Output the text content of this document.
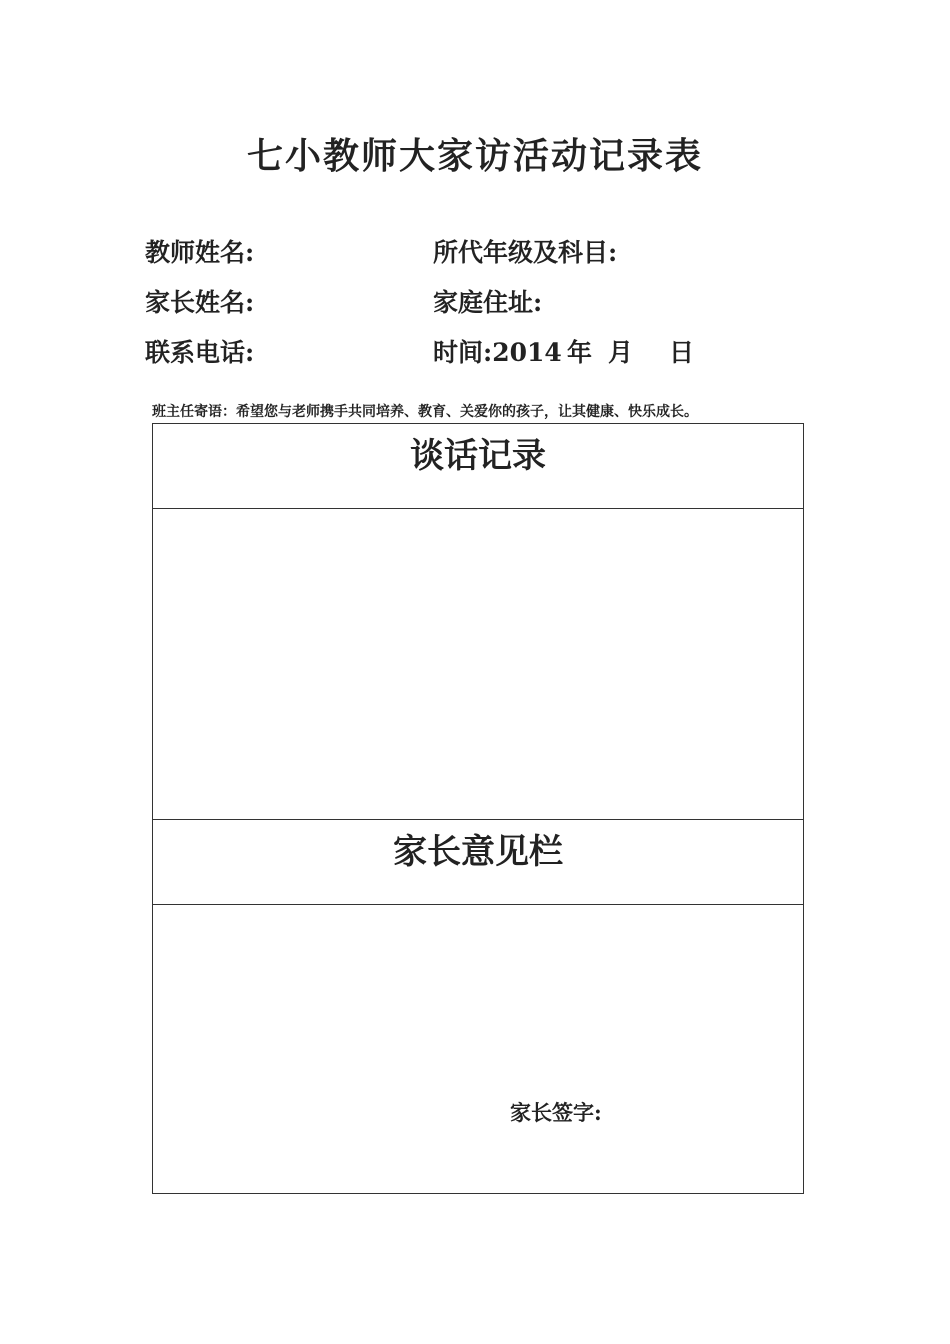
七小教师大家访活动记录表
教师姓名:	所代年级及科目:
家长姓名:	家庭住址:
联系电话:	时间:2014 年 月 日
班主任寄语：希望您与老师携手共同培养、教育、关爱你的孩子，让其健康、快乐成长。
谈话记录

家长意见栏

家长签字:
